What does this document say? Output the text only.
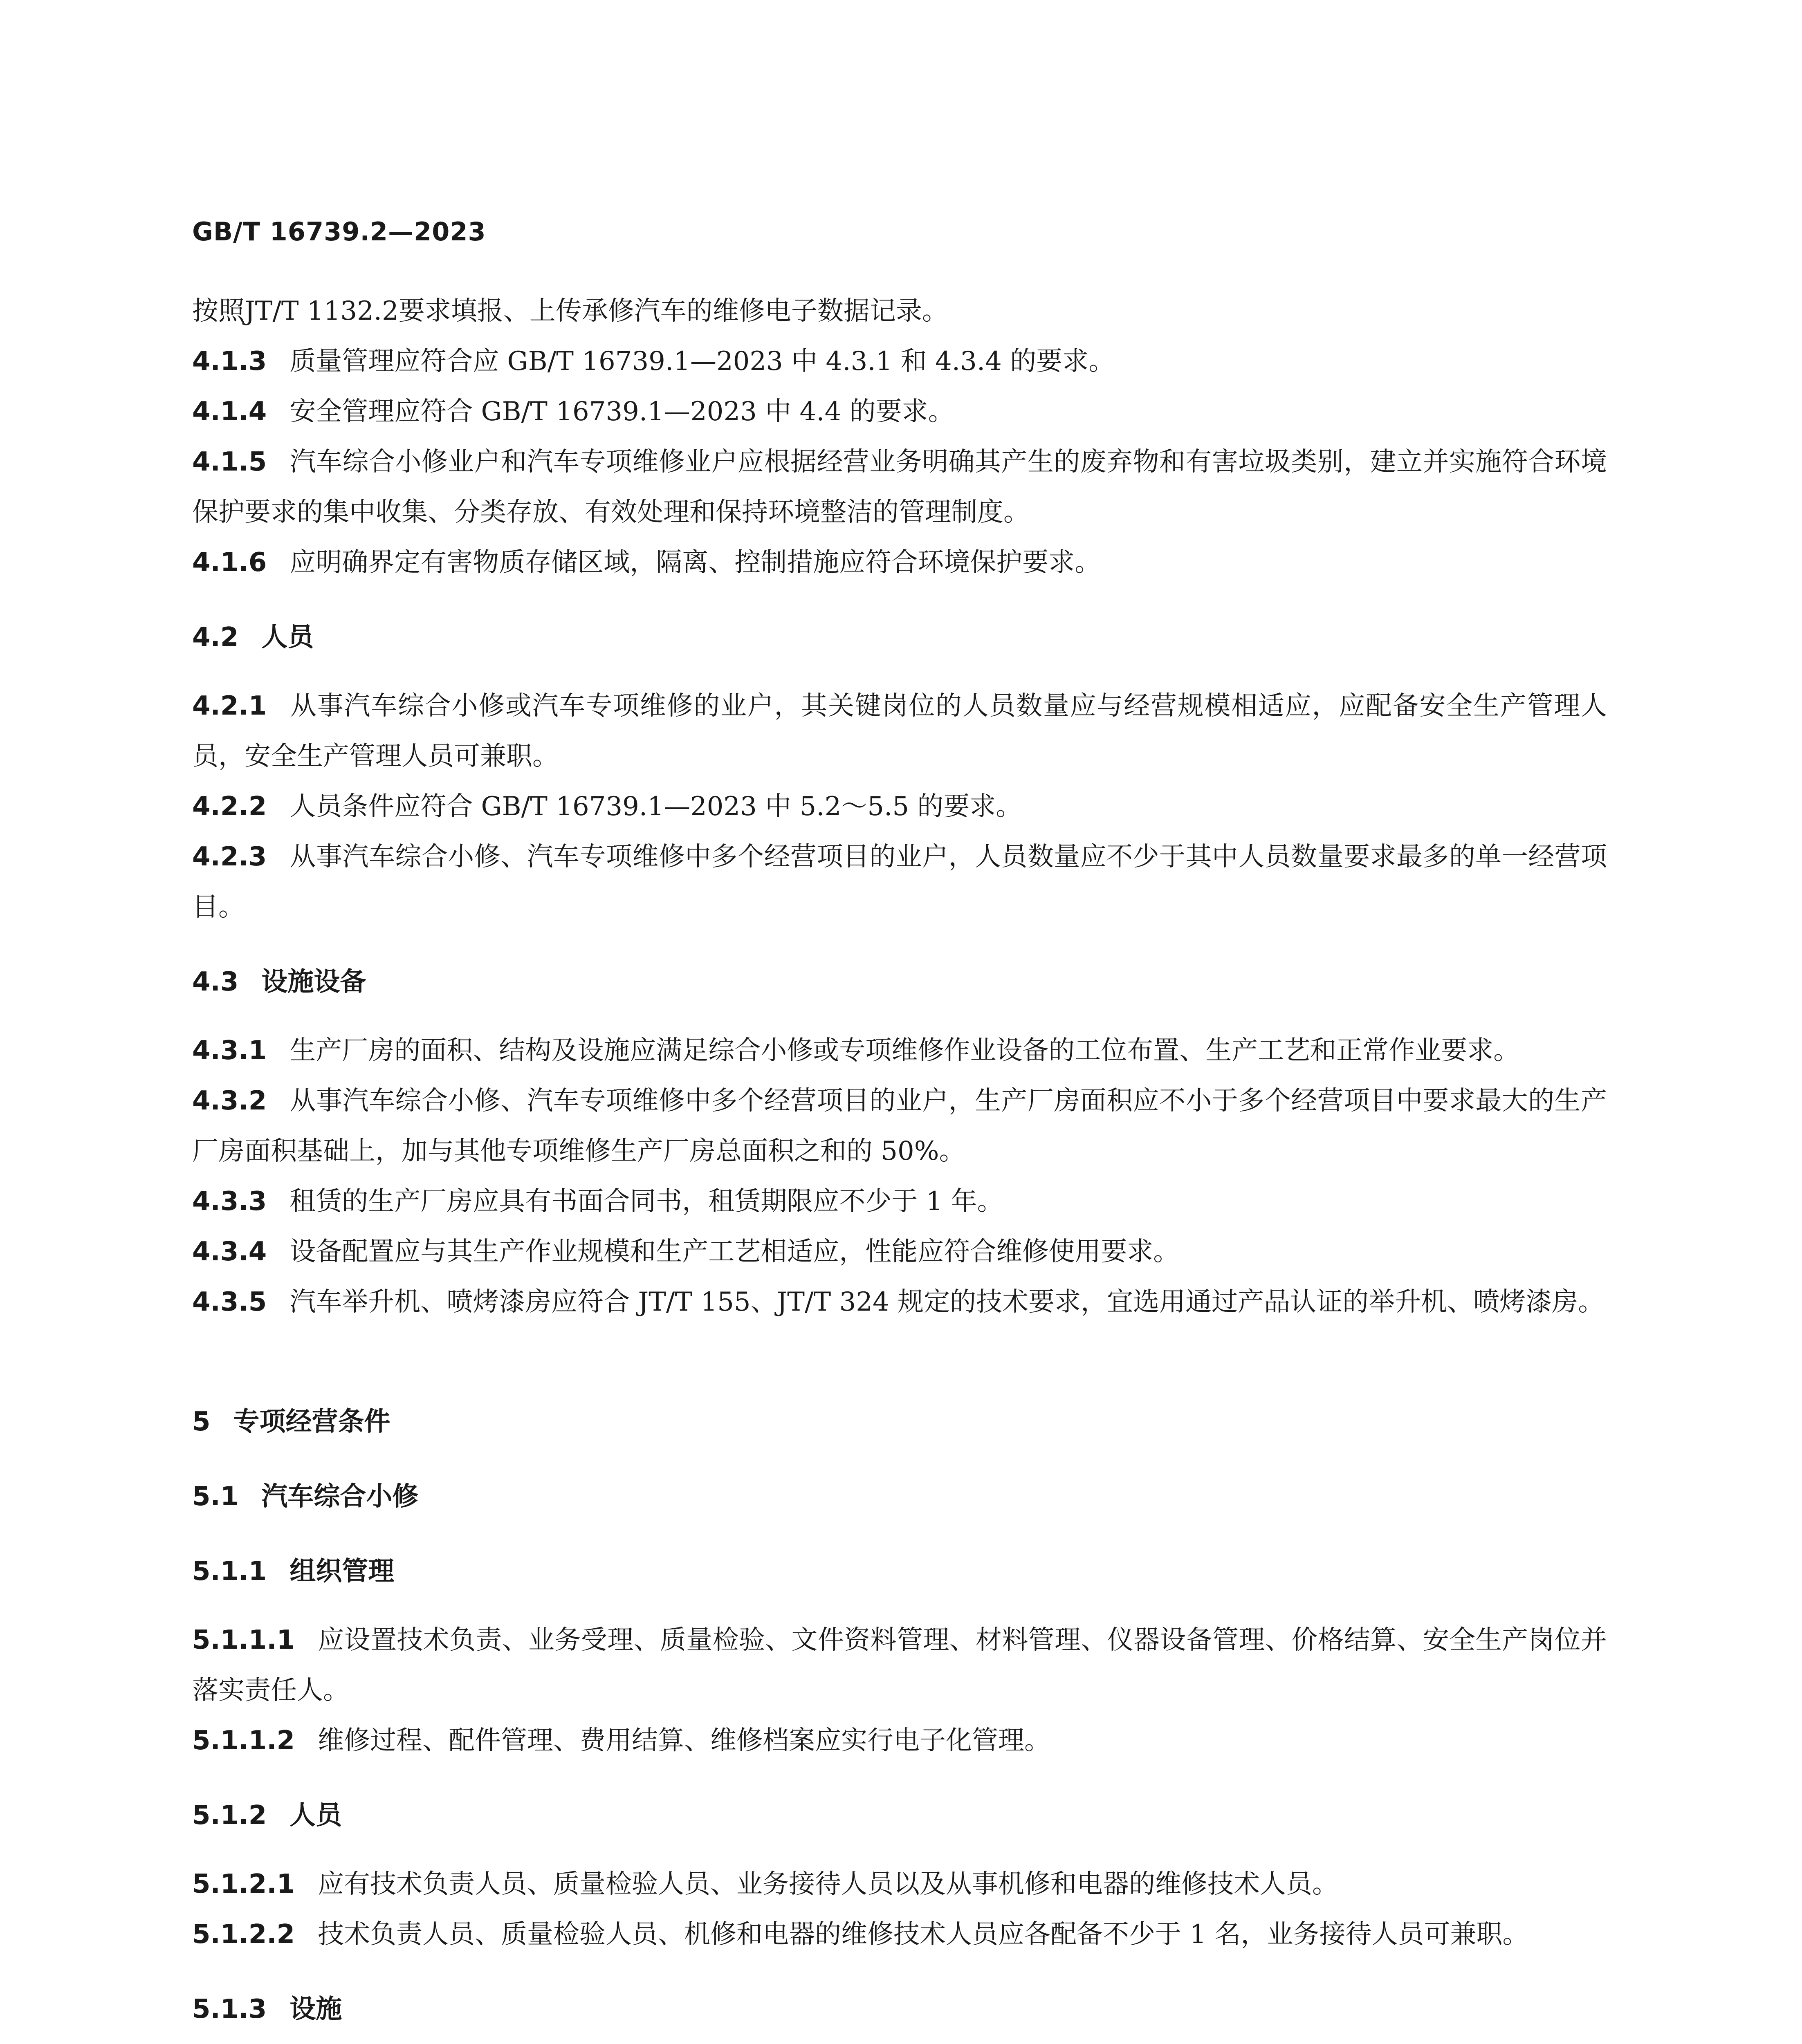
GB/T 16739.2—2023

按照JT/T 1132.2要求填报、上传承修汽车的维修电子数据记录。

4.1.3 质量管理应符合应 GB/T 16739.1—2023 中 4.3.1 和 4.3.4 的要求。

4.1.4 安全管理应符合 GB/T 16739.1—2023 中 4.4 的要求。

4.1.5 汽车综合小修业户和汽车专项维修业户应根据经营业务明确其产生的废弃物和有害垃圾类别，建立并实施符合环境保护要求的集中收集、分类存放、有效处理和保持环境整洁的管理制度。

4.1.6 应明确界定有害物质存储区域，隔离、控制措施应符合环境保护要求。

4.2 人员

4.2.1 从事汽车综合小修或汽车专项维修的业户，其关键岗位的人员数量应与经营规模相适应，应配备安全生产管理人员，安全生产管理人员可兼职。

4.2.2 人员条件应符合 GB/T 16739.1—2023 中 5.2～5.5 的要求。

4.2.3 从事汽车综合小修、汽车专项维修中多个经营项目的业户，人员数量应不少于其中人员数量要求最多的单一经营项目。

4.3 设施设备

4.3.1 生产厂房的面积、结构及设施应满足综合小修或专项维修作业设备的工位布置、生产工艺和正常作业要求。

4.3.2 从事汽车综合小修、汽车专项维修中多个经营项目的业户，生产厂房面积应不小于多个经营项目中要求最大的生产厂房面积基础上，加与其他专项维修生产厂房总面积之和的 50%。

4.3.3 租赁的生产厂房应具有书面合同书，租赁期限应不少于 1 年。

4.3.4 设备配置应与其生产作业规模和生产工艺相适应，性能应符合维修使用要求。

4.3.5 汽车举升机、喷烤漆房应符合 JT/T 155、JT/T 324 规定的技术要求，宜选用通过产品认证的举升机、喷烤漆房。

5 专项经营条件
5.1 汽车综合小修
5.1.1 组织管理

5.1.1.1 应设置技术负责、业务受理、质量检验、文件资料管理、材料管理、仪器设备管理、价格结算、安全生产岗位并落实责任人。

5.1.1.2 维修过程、配件管理、费用结算、维修档案应实行电子化管理。

5.1.2 人员

5.1.2.1 应有技术负责人员、质量检验人员、业务接待人员以及从事机修和电器的维修技术人员。

5.1.2.2 技术负责人员、质量检验人员、机修和电器的维修技术人员应各配备不少于 1 名，业务接待人员可兼职。

5.1.3 设施
